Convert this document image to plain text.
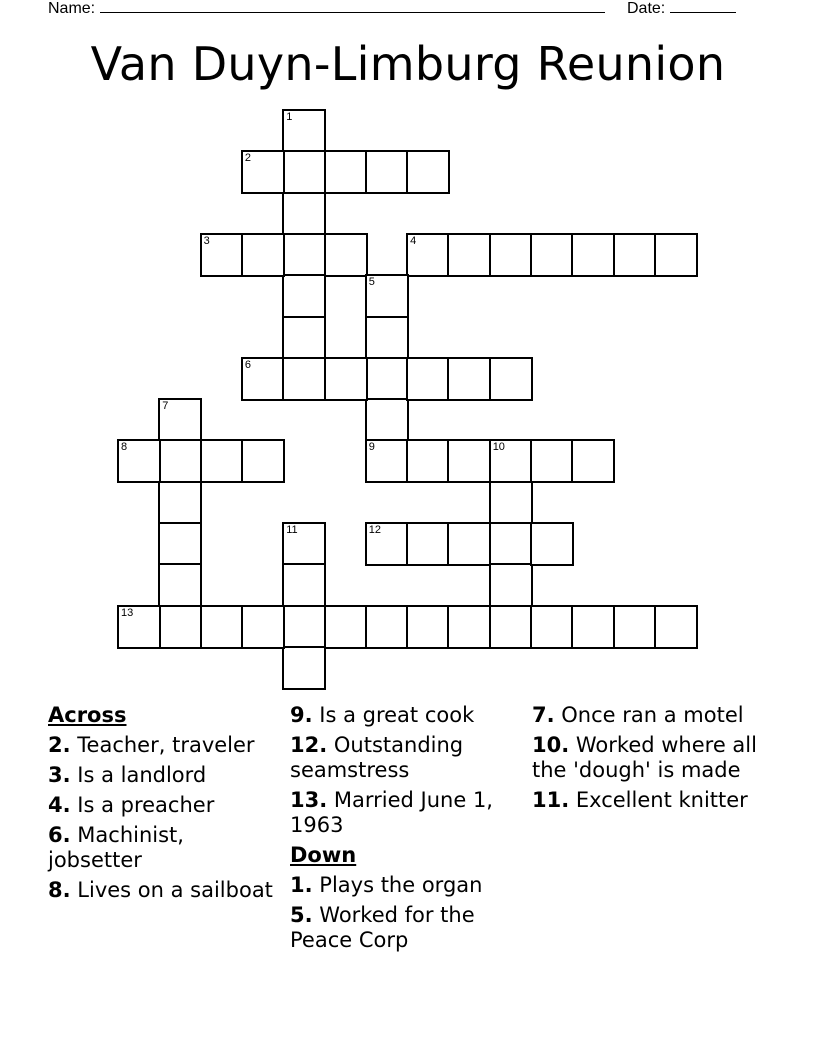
Name:	Date:
Van Duyn-Limburg Reunion
1
2
3	4
5
9
6
7
8	10
11	12
13
Across
2. Teacher, traveler
3. Is a landlord
4. Is a preacher
6. Machinist, jobsetter
8. Lives on a sailboat
9. Is a great cook
12. Outstanding seamstress
13. Married June 1, 1963
Down
1. Plays the organ
5. Worked for the Peace Corp
7. Once ran a motel
10. Worked where all the 'dough' is made
11. Excellent knitter
